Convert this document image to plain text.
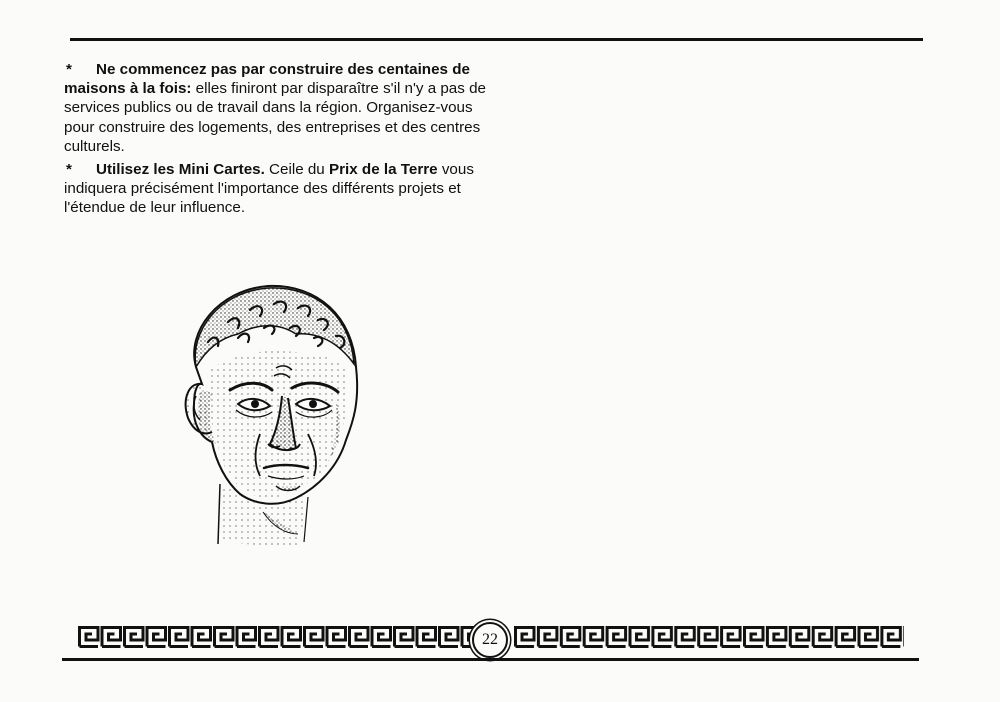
* Ne commencez pas par construire des centaines de maisons à la fois: elles finiront par disparaître s'il n'y a pas de services publics ou de travail dans la région. Organisez-vous pour construire des logements, des entreprises et des centres culturels.

* Utilisez les Mini Cartes. Ceile du Prix de la Terre vous indiquera précisément l'importance des différents projets et l'étendue de leur influence.

22
